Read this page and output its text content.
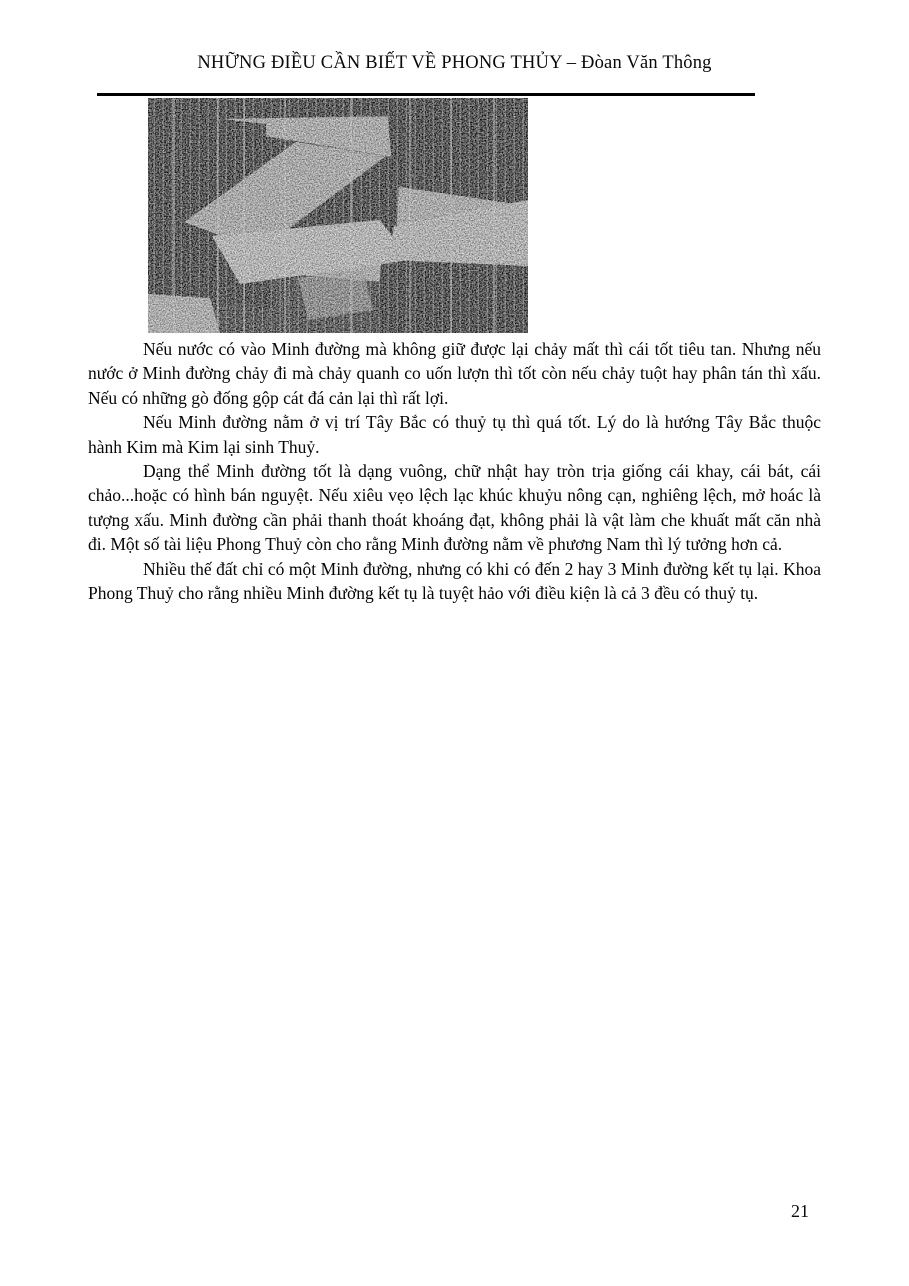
NHỮNG ĐIỀU CẦN BIẾT VỀ PHONG THỦY – Đòan Văn Thông

Nếu nước có vào Minh đường mà không giữ được lại chảy mất thì cái tốt tiêu tan. Nhưng nếu nước ở Minh đường chảy đi mà chảy quanh co uốn lượn thì tốt còn nếu chảy tuột hay phân tán thì xấu. Nếu có những gò đống gộp cát đá cản lại thì rất lợi.

Nếu Minh đường nằm ở vị trí Tây Bắc có thuỷ tụ thì quá tốt. Lý do là hướng Tây Bắc thuộc hành Kim mà Kim lại sinh Thuỷ.

Dạng thể Minh đường tốt là dạng vuông, chữ nhật hay tròn trịa giống cái khay, cái bát, cái chảo...hoặc có hình bán nguyệt. Nếu xiêu vẹo lệch lạc khúc khuỷu nông cạn, nghiêng lệch, mở hoác là tượng xấu. Minh đường cần phải thanh thoát khoáng đạt, không phải là vật làm che khuất mất căn nhà đi. Một số tài liệu Phong Thuỷ còn cho rằng Minh đường nằm về phương Nam thì lý tưởng hơn cả.

Nhiều thế đất chỉ có một Minh đường, nhưng có khi có đến 2 hay 3 Minh đường kết tụ lại. Khoa Phong Thuỷ cho rằng nhiều Minh đường kết tụ là tuyệt hảo với điều kiện là cả 3 đều có thuỷ tụ.

21
